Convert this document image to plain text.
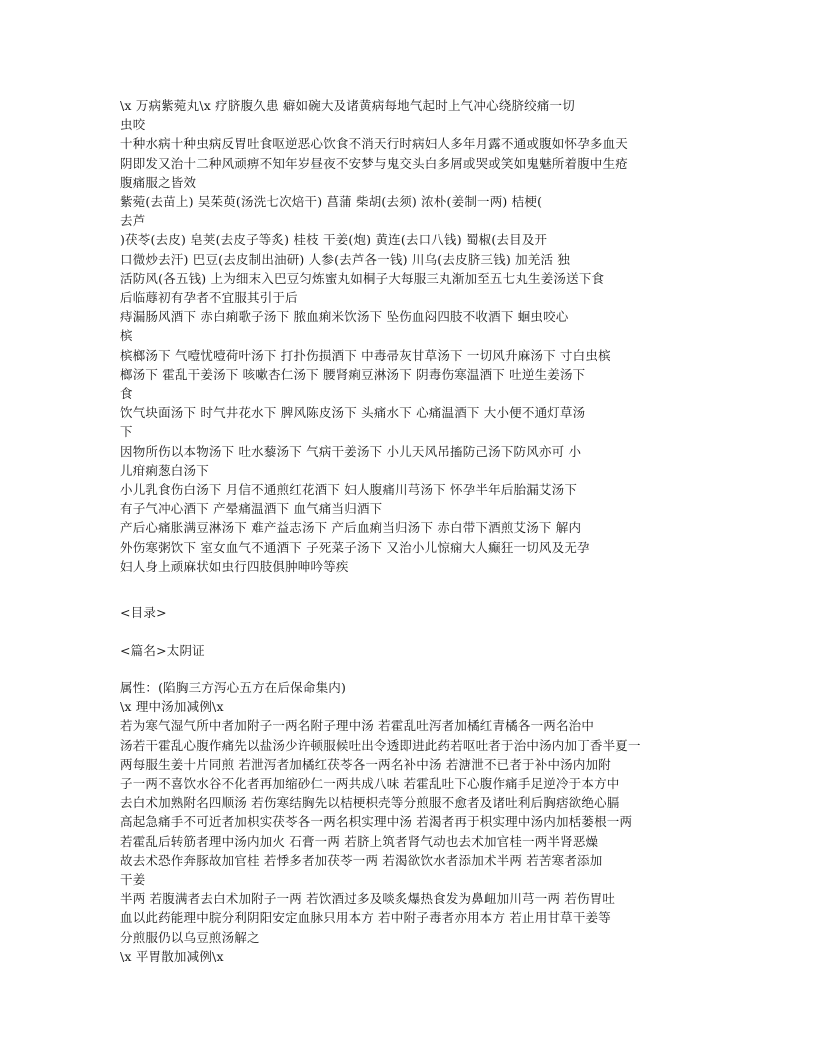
\x 万病紫菀丸\x 疗脐腹久患 癖如碗大及诸黄病每地气起时上气冲心绕脐绞痛一切
虫咬
十种水病十种虫病反胃吐食呕逆恶心饮食不消天行时病妇人多年月露不通或腹如怀孕多血天
阴即发又治十二种风顽痹不知年岁昼夜不安梦与鬼交头白多屑或哭或笑如鬼魅所着腹中生疮
腹痛服之皆效
紫菀(去苗上) 吴茱萸(汤洗七次焙干) 菖蒲 柴胡(去须) 浓朴(姜制一两) 桔梗(
去芦
)茯苓(去皮) 皂荚(去皮子等炙) 桂枝 干姜(炮) 黄连(去口八钱) 蜀椒(去目及开
口微炒去汗) 巴豆(去皮制出油研) 人参(去芦各一钱) 川乌(去皮脐三钱) 加羌活 独
活防风(各五钱) 上为细末入巴豆匀炼蜜丸如桐子大每服三丸渐加至五七丸生姜汤送下食
后临蓐初有孕者不宜服其引于后
痔漏肠风酒下 赤白痢歌子汤下 脓血痢米饮汤下 坠伤血闷四肢不收酒下 蛔虫咬心
槟
槟榔汤下 气噎忧噎荷叶汤下 打扑伤损酒下 中毒帚灰甘草汤下 一切风升麻汤下 寸白虫槟
榔汤下 霍乱干姜汤下 咳嗽杏仁汤下 腰肾痢豆淋汤下 阴毒伤寒温酒下 吐逆生姜汤下
食
饮气块面汤下 时气井花水下 脾风陈皮汤下 头痛水下 心痛温酒下 大小便不通灯草汤
下
因物所伤以本物汤下 吐水藜汤下 气病干姜汤下 小儿天风吊搐防己汤下防风亦可 小
儿疳痢葱白汤下
小儿乳食伤白汤下 月信不通煎红花酒下 妇人腹痛川芎汤下 怀孕半年后胎漏艾汤下
有子气冲心酒下 产晕痛温酒下 血气痛当归酒下
产后心痛胀满豆淋汤下 难产益志汤下 产后血痢当归汤下 赤白带下酒煎艾汤下 解内
外伤寒粥饮下 室女血气不通酒下 子死菜子汤下 又治小儿惊痫大人癫狂一切风及无孕
妇人身上顽麻状如虫行四肢俱肿呻吟等疾
<目录>
<篇名>太阴证
属性：(陷胸三方泻心五方在后保命集内)
\x 理中汤加减例\x
若为寒气湿气所中者加附子一两名附子理中汤 若霍乱吐泻者加橘红青橘各一两名治中
汤若干霍乱心腹作痛先以盐汤少许顿服候吐出令透即进此药若呕吐者于治中汤内加丁香半夏一
两每服生姜十片同煎 若泄泻者加橘红茯苓各一两名补中汤 若溏泄不已者于补中汤内加附
子一两不喜饮水谷不化者再加缩砂仁一两共成八味 若霍乱吐下心腹作痛手足逆冷于本方中
去白术加熟附名四顺汤 若伤寒结胸先以桔梗枳壳等分煎服不愈者及诸吐利后胸痞欲绝心膈
高起急痛手不可近者加枳实茯苓各一两名枳实理中汤 若渴者再于枳实理中汤内加栝蒌根一两
若霍乱后转筋者理中汤内加火 石膏一两 若脐上筑者肾气动也去术加官桂一两半肾恶燥
故去术恐作奔豚故加官桂 若悸多者加茯苓一两 若渴欲饮水者添加术半两 若苦寒者添加
干姜
半两 若腹满者去白术加附子一两 若饮酒过多及啖炙爆热食发为鼻衄加川芎一两 若伤胃吐
血以此药能理中脘分利阴阳安定血脉只用本方 若中附子毒者亦用本方 若止用甘草干姜等
分煎服仍以乌豆煎汤解之
\x 平胃散加减例\x
